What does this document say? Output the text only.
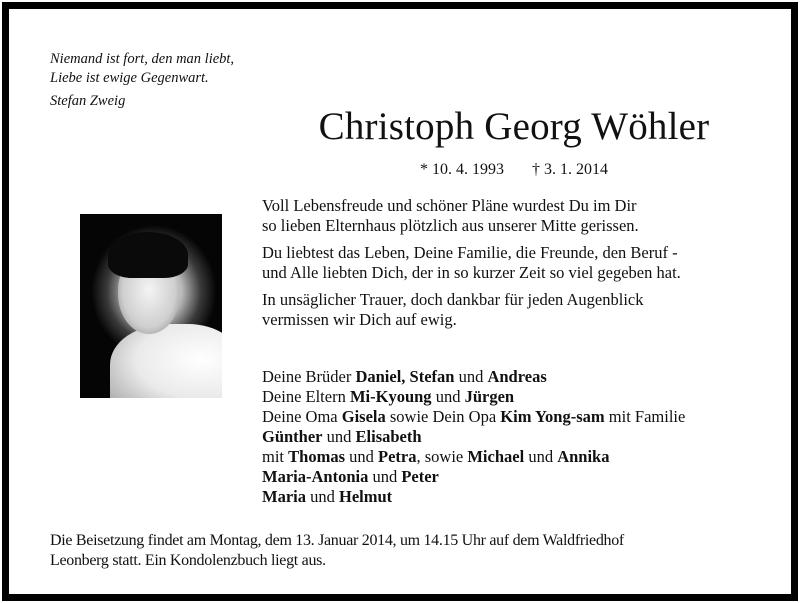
Niemand ist fort, den man liebt,
Liebe ist ewige Gegenwart.
Stefan Zweig
Christoph Georg Wöhler
* 10. 4. 1993 † 3. 1. 2014

Voll Lebensfreude und schöner Pläne wurdest Du im Dir
so lieben Elternhaus plötzlich aus unserer Mitte gerissen.

Du liebtest das Leben, Deine Familie, die Freunde, den Beruf -
und Alle liebten Dich, der in so kurzer Zeit so viel gegeben hat.

In unsäglicher Trauer, doch dankbar für jeden Augenblick
vermissen wir Dich auf ewig.

Deine Brüder Daniel, Stefan und Andreas
Deine Eltern Mi-Kyoung und Jürgen
Deine Oma Gisela sowie Dein Opa Kim Yong-sam mit Familie
Günther und Elisabeth
mit Thomas und Petra, sowie Michael und Annika
Maria-Antonia und Peter
Maria und Helmut
Die Beisetzung findet am Montag, dem 13. Januar 2014, um 14.15 Uhr auf dem Waldfriedhof
Leonberg statt. Ein Kondolenzbuch liegt aus.
